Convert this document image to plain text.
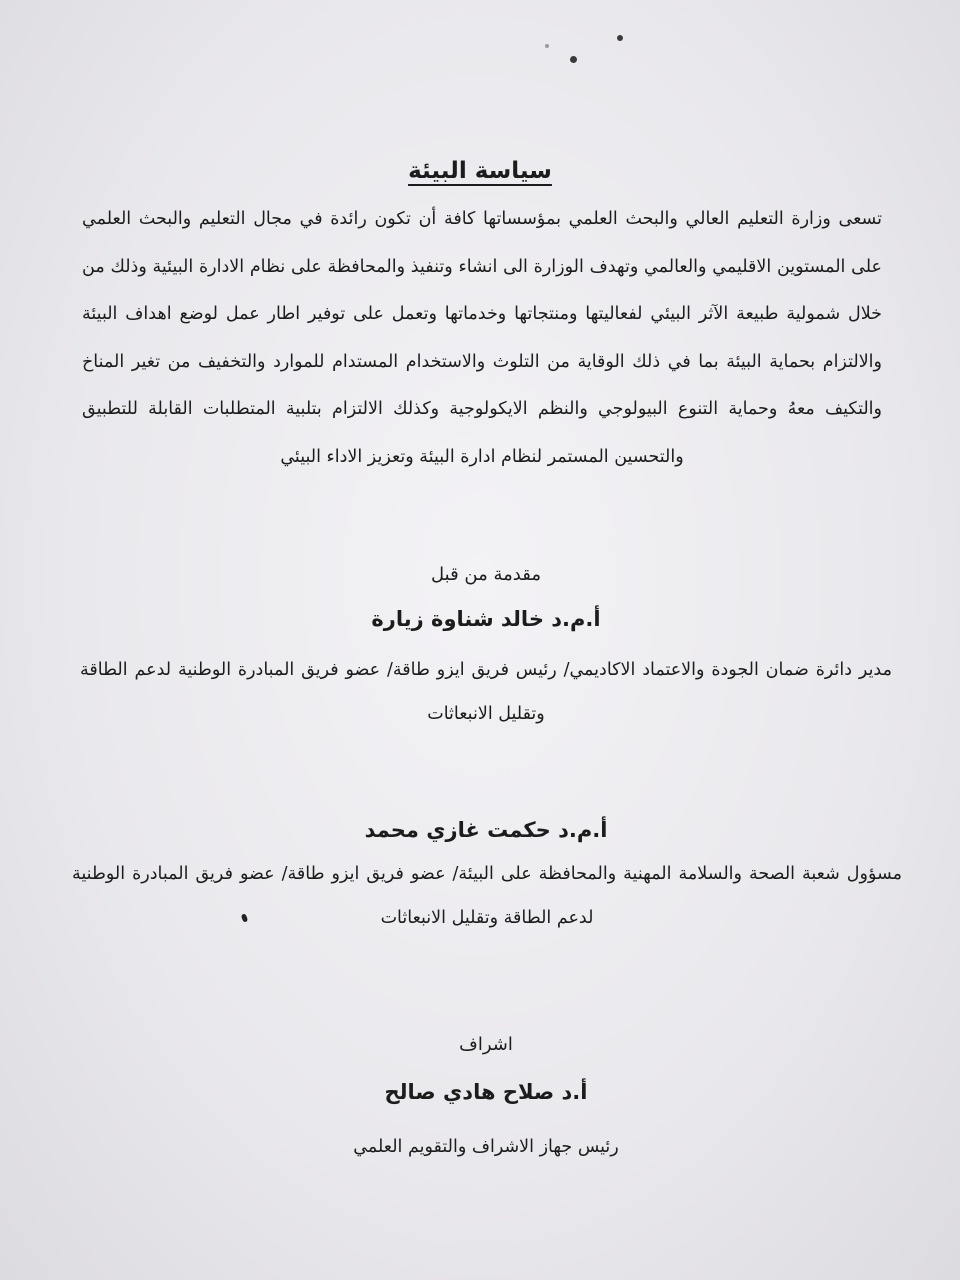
سياسة البيئة
تسعى وزارة التعليم العالي والبحث العلمي بمؤسساتها كافة أن تكون رائدة في مجال التعليم والبحث العلمي على المستوين الاقليمي والعالمي وتهدف الوزارة الى انشاء وتنفيذ والمحافظة على نظام الادارة البيئية وذلك من خلال شمولية طبيعة الآثر البيئي لفعاليتها ومنتجاتها وخدماتها وتعمل على توفير اطار عمل لوضع اهداف البيئة والالتزام بحماية البيئة بما في ذلك الوقاية من التلوث والاستخدام المستدام للموارد والتخفيف من تغير المناخ والتكيف معهُ وحماية التنوع البيولوجي والنظم الايكولوجية وكذلك الالتزام بتلبية المتطلبات القابلة للتطبيق والتحسين المستمر لنظام ادارة البيئة وتعزيز الاداء البيئي
مقدمة من قبل
أ.م.د خالد شناوة زيارة
مدير دائرة ضمان الجودة والاعتماد الاكاديمي/ رئيس فريق ايزو طاقة/ عضو فريق المبادرة الوطنية لدعم الطاقة وتقليل الانبعاثات
أ.م.د حكمت غازي محمد
مسؤول شعبة الصحة والسلامة المهنية والمحافظة على البيئة/ عضو فريق ايزو طاقة/ عضو فريق المبادرة الوطنية لدعم الطاقة وتقليل الانبعاثات
اشراف
أ.د صلاح هادي صالح
رئيس جهاز الاشراف والتقويم العلمي
